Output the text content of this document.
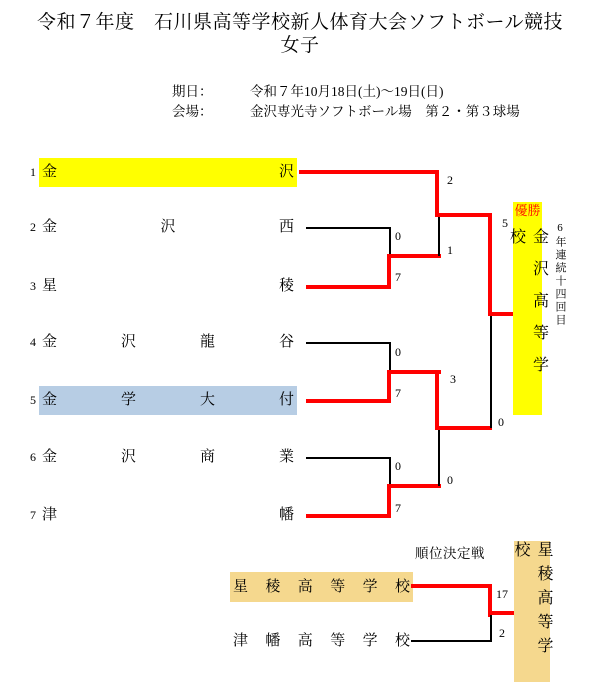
令和７年度　石川県高等学校新人体育大会ソフトボール競技
女子
期日：	令和７年10月18日(土)～19日(日)
会場：	金沢専光寺ソフトボール場　第２・第３球場
1 金沢
2 金沢西
3 星稜
4 金沢龍谷
5 金学大付
6 金沢商業
7 津幡
2
0
1
7
5
0
3
7
0
0
0
7
優勝
金沢高等学校	6年連続十四回目
順位決定戦
星稜高等学校
津幡高等学校
17
2	星稜高等学校
